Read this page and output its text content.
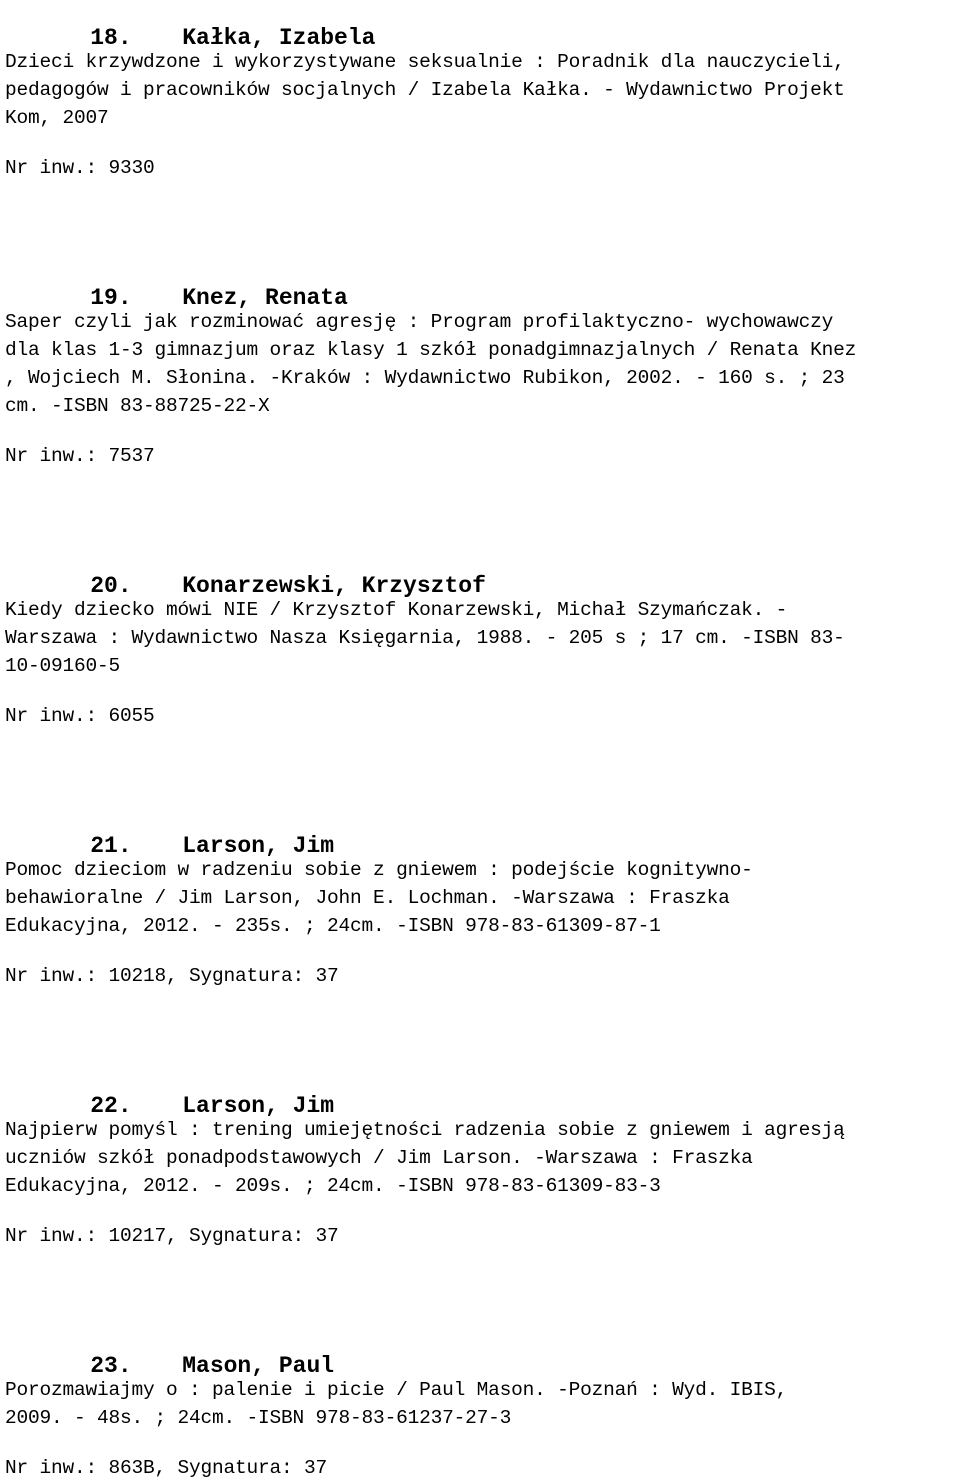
18. Kałka, Izabela

Dzieci krzywdzone i wykorzystywane seksualnie : Poradnik dla nauczycieli,
pedagogów i pracowników socjalnych / Izabela Kałka. - Wydawnictwo Projekt
Kom, 2007
Nr inw.: 9330

19. Knez, Renata

Saper czyli jak rozminować agresję : Program profilaktyczno- wychowawczy
dla klas 1-3 gimnazjum oraz klasy 1 szkół ponadgimnazjalnych / Renata Knez
, Wojciech M. Słonina. -Kraków : Wydawnictwo Rubikon, 2002. - 160 s. ; 23
cm. -ISBN 83-88725-22-X
Nr inw.: 7537

20. Konarzewski, Krzysztof

Kiedy dziecko mówi NIE / Krzysztof Konarzewski, Michał Szymańczak. -
Warszawa : Wydawnictwo Nasza Księgarnia, 1988. - 205 s ; 17 cm. -ISBN 83-
10-09160-5
Nr inw.: 6055

21. Larson, Jim

Pomoc dzieciom w radzeniu sobie z gniewem : podejście kognitywno-
behawioralne / Jim Larson, John E. Lochman. -Warszawa : Fraszka
Edukacyjna, 2012. - 235s. ; 24cm. -ISBN 978-83-61309-87-1
Nr inw.: 10218, Sygnatura: 37

22. Larson, Jim

Najpierw pomyśl : trening umiejętności radzenia sobie z gniewem i agresją
uczniów szkół ponadpodstawowych / Jim Larson. -Warszawa : Fraszka
Edukacyjna, 2012. - 209s. ; 24cm. -ISBN 978-83-61309-83-3
Nr inw.: 10217, Sygnatura: 37

23. Mason, Paul

Porozmawiajmy o : palenie i picie / Paul Mason. -Poznań : Wyd. IBIS,
2009. - 48s. ; 24cm. -ISBN 978-83-61237-27-3
Nr inw.: 863B, Sygnatura: 37
